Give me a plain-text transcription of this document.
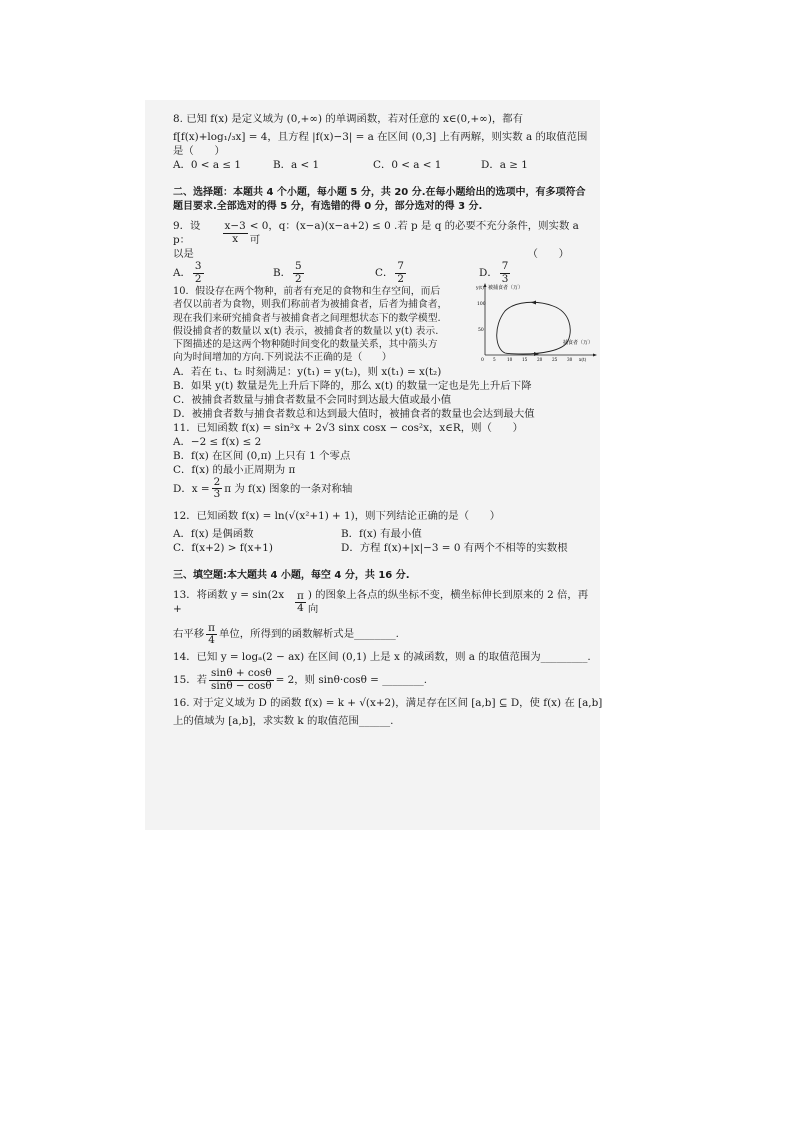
8. 已知 f(x) 是定义域为 (0,+∞) 的单调函数，若对任意的 x∈(0,+∞)，都有

f[f(x)+log₁/₃x] = 4，且方程 |f(x)−3| = a 在区间 (0,3] 上有两解，则实数 a 的取值范围

是（　　）

A．0 < a ≤ 1	B．a < 1	C．0 < a < 1	D．a ≥ 1

二、选择题：本题共 4 个小题，每小题 5 分，共 20 分.在每小题给出的选项中，有多项符合

题目要求.全部选对的得 5 分，有选错的得 0 分，部分选对的得 3 分.

9．设 p：	$\frac{x-3}{x} < 0$，q：(x−a)(x−a+2) ≤ 0 .若 p 是 q 的必要不充分条件，则实数 a 可
以是	（　　）
A． $\frac{3}{2}$	B． $\frac{5}{2}$	C． $\frac{7}{2}$	D． $\frac{7}{3}$

10．假设存在两个物种，前者有充足的食物和生存空间，而后

者仅以前者为食物，则我们称前者为被捕食者，后者为捕食者，

现在我们来研究捕食者与被捕食者之间理想状态下的数学模型.

假设捕食者的数量以 x(t) 表示，被捕食者的数量以 y(t) 表示.

下图描述的是这两个物种随时间变化的数量关系，其中箭头方

向为时间增加的方向.下列说法不正确的是（　　）

y(t) 被捕食者（万）
100
50
0 5	10 15 20 25 30 x(t)
捕食者（万）

A．若在 t₁、t₂ 时刻满足：y(t₁) = y(t₂)，则 x(t₁) = x(t₂)

B．如果 y(t) 数量是先上升后下降的，那么 x(t) 的数量一定也是先上升后下降

C．被捕食者数量与捕食者数量不会同时到达最大值或最小值

D．被捕食者数与捕食者数总和达到最大值时，被捕食者的数量也会达到最大值

11．已知函数 f(x) = sin²x + 2√3 sinx cosx − cos²x，x∈R，则（　　）

A．−2 ≤ f(x) ≤ 2

B．f(x) 在区间 (0,π) 上只有 1 个零点

C．f(x) 的最小正周期为 π

D．$x = \frac{2}{3}$ π 为 f(x) 图象的一条对称轴

12．已知函数 f(x) = ln(√(x²+1) + 1)，则下列结论正确的是（　　）

A．f(x) 是偶函数	B．f(x) 有最小值
C．f(x+2) > f(x+1)	D．方程 f(x)+|x|−3 = 0 有两个不相等的实数根

三、填空题:本大题共 4 小题，每空 4 分，共 16 分.

13．将函数 y = sin(2x +	$\frac{\pi}{4}$ ) 的图象上各点的纵坐标不变，横坐标伸长到原来的 2 倍，再向
右平移 $\frac{\pi}{4}$ 单位，所得到的函数解析式是________.

14．已知 y = logₐ(2 − ax) 在区间 (0,1) 上是 x 的减函数，则 a 的取值范围为_________.

15．若 $\frac{\sin\theta + \cos\theta}{\sin\theta - \cos\theta} = 2$，则 sinθ·cosθ = ________.

16. 对于定义域为 D 的函数 f(x) = k + √(x+2)，满足存在区间 [a,b] ⊆ D，使 f(x) 在 [a,b]

上的值域为 [a,b]，求实数 k 的取值范围______.
